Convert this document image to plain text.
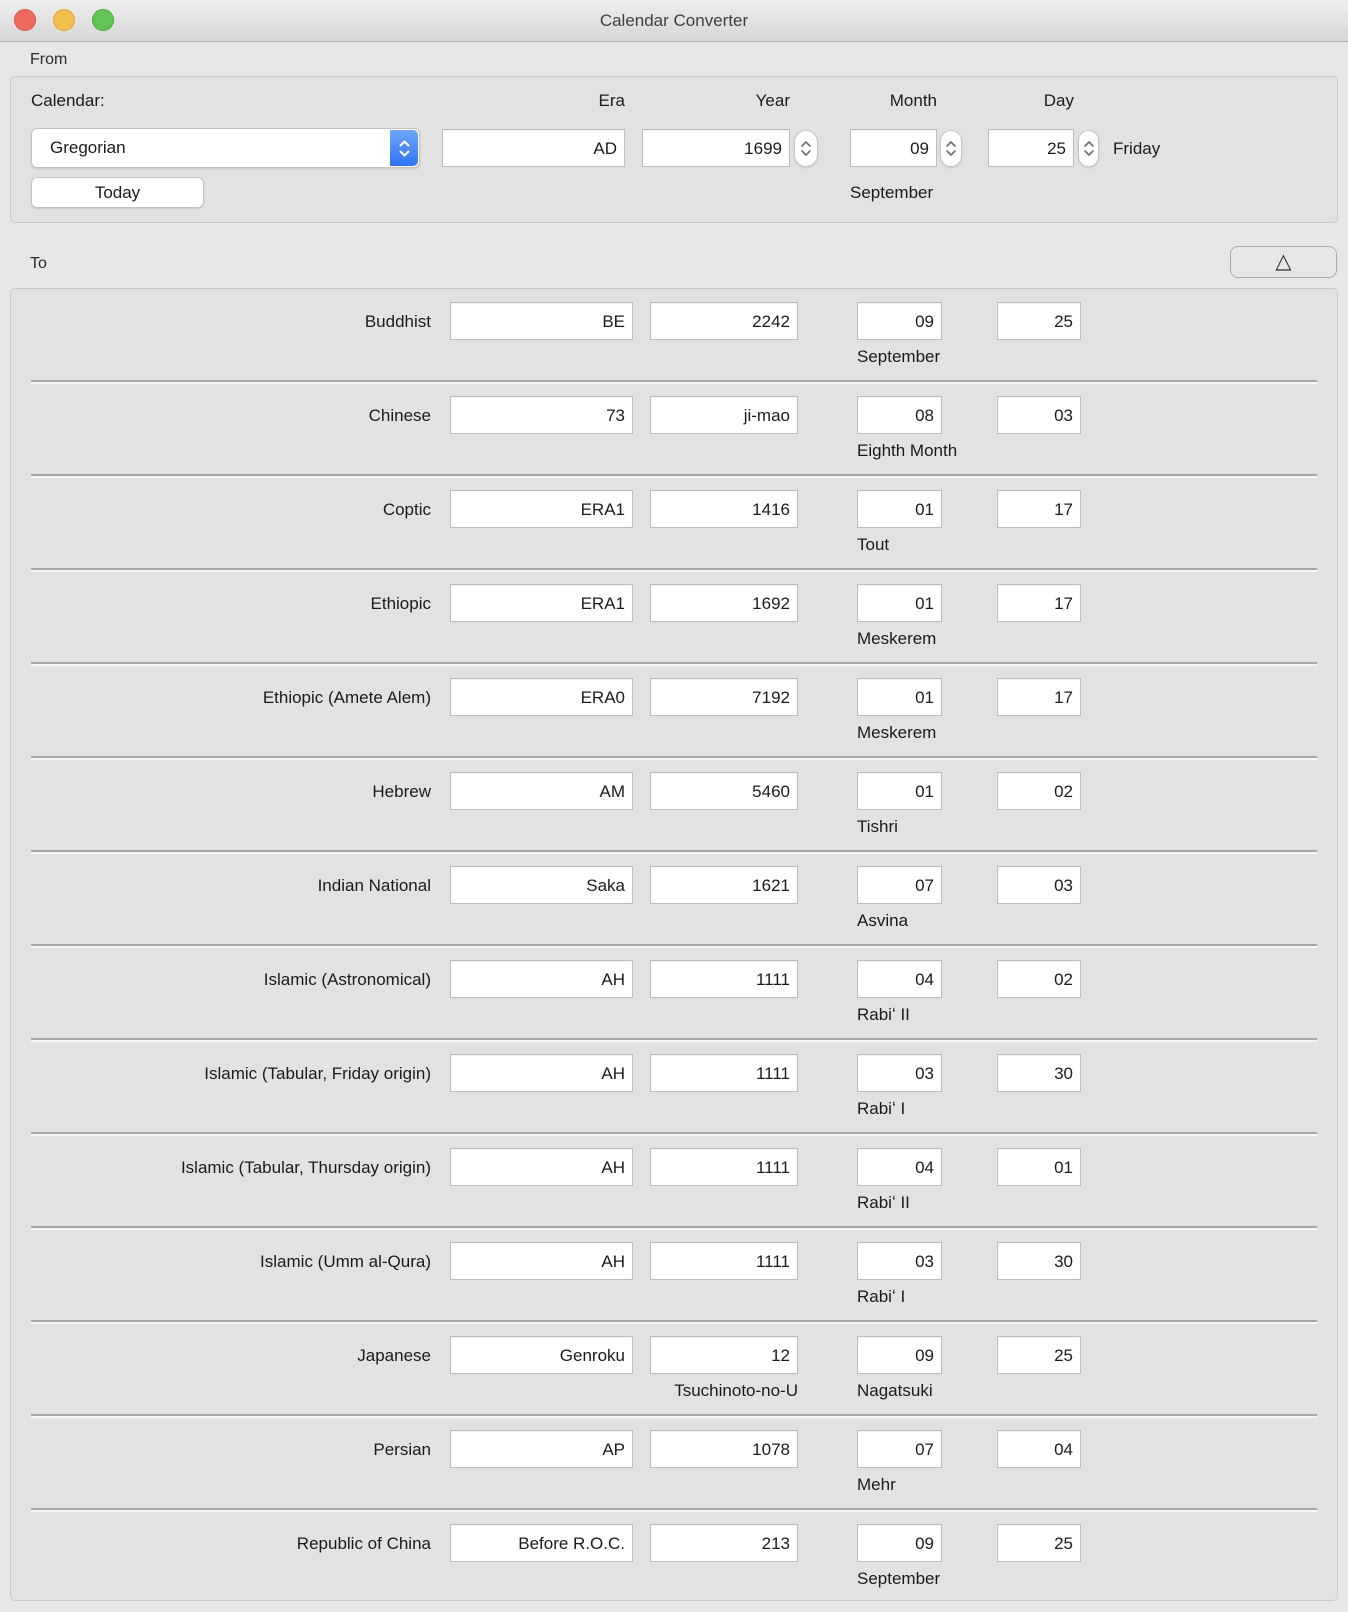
Calendar Converter
From
Calendar:	Era	Year	Month	Day
Gregorian	AD	1699	09	25	Friday
Today	September
To	△
Buddhist	BE	2242	09	25
September
Chinese	73	ji-mao	08	03
Eighth Month
Coptic	ERA1	1416	01	17
Tout
Ethiopic	ERA1	1692	01	17
Meskerem
Ethiopic (Amete Alem)	ERA0	7192	01	17
Meskerem
Hebrew	AM	5460	01	02
Tishri
Indian National	Saka	1621	07	03
Asvina
Islamic (Astronomical)	AH	1111	04	02
Rabiʻ II
Islamic (Tabular, Friday origin)	AH	1111	03	30
Rabiʻ I
Islamic (Tabular, Thursday origin)	AH	1111	04	01
Rabiʻ II
Islamic (Umm al-Qura)	AH	1111	03	30
Rabiʻ I
Japanese	Genroku	12	09	25
Tsuchinoto-no-U	Nagatsuki
Persian	AP	1078	07	04
Mehr
Republic of China	Before R.O.C.	213	09	25
September
